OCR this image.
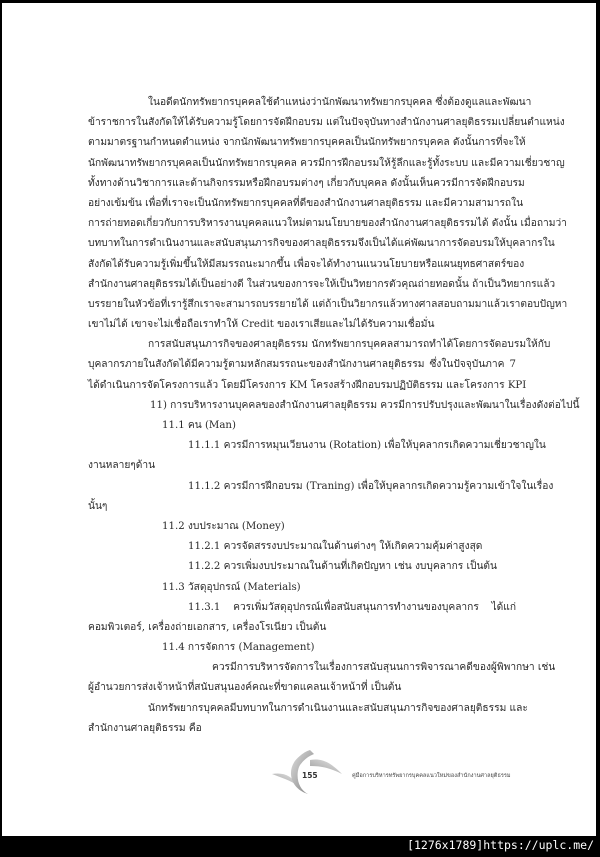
ในอดีตนักทรัพยากรบุคคลใช้ตำแหน่งว่านักพัฒนาทรัพยากรบุคคล ซึ่งต้องดูแลและพัฒนา
ข้าราชการในสังกัดให้ได้รับความรู้โดยการจัดฝึกอบรม แต่ในปัจจุบันทางสำนักงานศาลยุติธรรมเปลี่ยนตำแหน่ง
ตามมาตรฐานกำหนดตำแหน่ง จากนักพัฒนาทรัพยากรบุคคลเป็นนักทรัพยากรบุคคล ดังนั้นการที่จะให้
นักพัฒนาทรัพยากรบุคคลเป็นนักทรัพยากรบุคคล ควรมีการฝึกอบรมให้รู้ลึกและรู้ทั้งระบบ และมีความเชี่ยวชาญ
ทั้งทางด้านวิชาการและด้านกิจกรรมหรือฝึกอบรมต่างๆ เกี่ยวกับบุคคล ดังนั้นเห็นควรมีการจัดฝึกอบรม
อย่างเข้มข้น เพื่อที่เราจะเป็นนักทรัพยากรบุคคลที่ดีของสำนักงานศาลยุติธรรม และมีความสามารถใน
การถ่ายทอดเกี่ยวกับการบริหารงานบุคคลแนวใหม่ตามนโยบายของสำนักงานศาลยุติธรรมได้ ดังนั้น เมื่อถามว่า
บทบาทในการดำเนินงานและสนับสนุนภารกิจของศาลยุติธรรมจึงเป็นได้แค่พัฒนาการจัดอบรมให้บุคลากรใน
สังกัดได้รับความรู้เพิ่มขึ้นให้มีสมรรถนะมากขึ้น เพื่อจะได้ทำงานแนวนโยบายหรือแผนยุทธศาสตร์ของ
สำนักงานศาลยุติธรรมได้เป็นอย่างดี ในส่วนของการจะให้เป็นวิทยากรตัวคุณถ่ายทอดนั้น ถ้าเป็นวิทยากรแล้ว
บรรยายในหัวข้อที่เรารู้สึกเราจะสามารถบรรยายได้ แต่ถ้าเป็นวิยากรแล้วทางศาลสอบถามมาแล้วเราตอบปัญหา
เขาไม่ได้ เขาจะไม่เชื่อถือเราทำให้ Credit ของเราเสียและไม่ได้รับความเชื่อมั่น
การสนับสนุนภารกิจของศาลยุติธรรม นักทรัพยากรบุคคลสามารถทำได้โดยการจัดอบรมให้กับ
บุคลากรภายในสังกัดได้มีความรู้ตามหลักสมรรถนะของสำนักงานศาลยุติธรรม ซึ่งในปัจจุบันภาค 7
ได้ดำเนินการจัดโครงการแล้ว โดยมีโครงการ KM โครงสร้างฝึกอบรมปฏิบัติธรรม และโครงการ KPI
11) การบริหารงานบุคคลของสำนักงานศาลยุติธรรม ควรมีการปรับปรุงและพัฒนาในเรื่องดังต่อไปนี้
11.1 คน (Man)
11.1.1 ควรมีการหมุนเวียนงาน (Rotation) เพื่อให้บุคลากรเกิดความเชี่ยวชาญใน
งานหลายๆด้าน
11.1.2 ควรมีการฝึกอบรม (Traning) เพื่อให้บุคลากรเกิดความรู้ความเข้าใจในเรื่อง
นั้นๆ
11.2 งบประมาณ (Money)
11.2.1 ควรจัดสรรงบประมาณในด้านต่างๆ ให้เกิดความคุ้มค่าสูงสุด
11.2.2 ควรเพิ่มงบประมาณในด้านที่เกิดปัญหา เช่น งบบุคลากร เป็นต้น
11.3 วัสดุอุปกรณ์ (Materials)
11.3.1 ควรเพิ่มวัสดุอุปกรณ์เพื่อสนับสนุนการทำงานของบุคลากร ได้แก่
คอมพิวเตอร์, เครื่องถ่ายเอกสาร, เครื่องโรเนียว เป็นต้น
11.4 การจัดการ (Management)
ควรมีการบริหารจัดการในเรื่องการสนับสุนนการพิจารณาคดีของผู้พิพากษา เช่น
ผู้อำนวยการส่งเจ้าหน้าที่สนับสนุนองค์คณะที่ขาดแคลนเจ้าหน้าที่ เป็นต้น
นักทรัพยากรบุคคลมีบทบาทในการดำเนินงานและสนับสนุนภารกิจของศาลยุติธรรม และ
สำนักงานศาลยุติธรรม คือ
155	คู่มือการบริหารทรัพยากรบุคคลแนวใหม่ของสำนักงานศาลยุติธรรม
[1276x1789]https://uplc.me/
